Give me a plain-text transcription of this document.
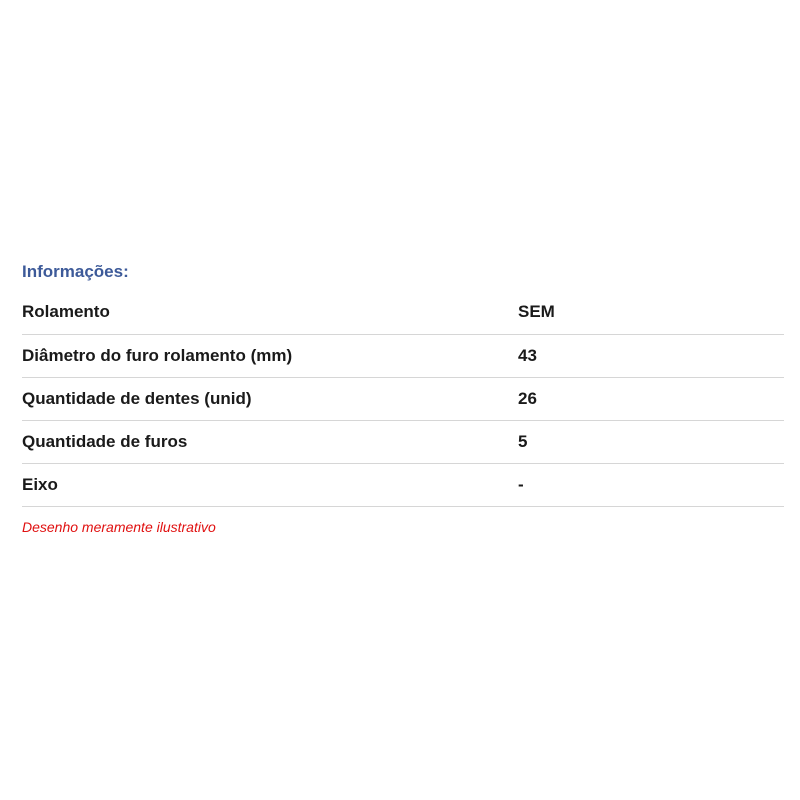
Informações:
Rolamento	SEM
Diâmetro do furo rolamento (mm)	43
Quantidade de dentes (unid)	26
Quantidade de furos	5
Eixo	-
Desenho meramente ilustrativo
